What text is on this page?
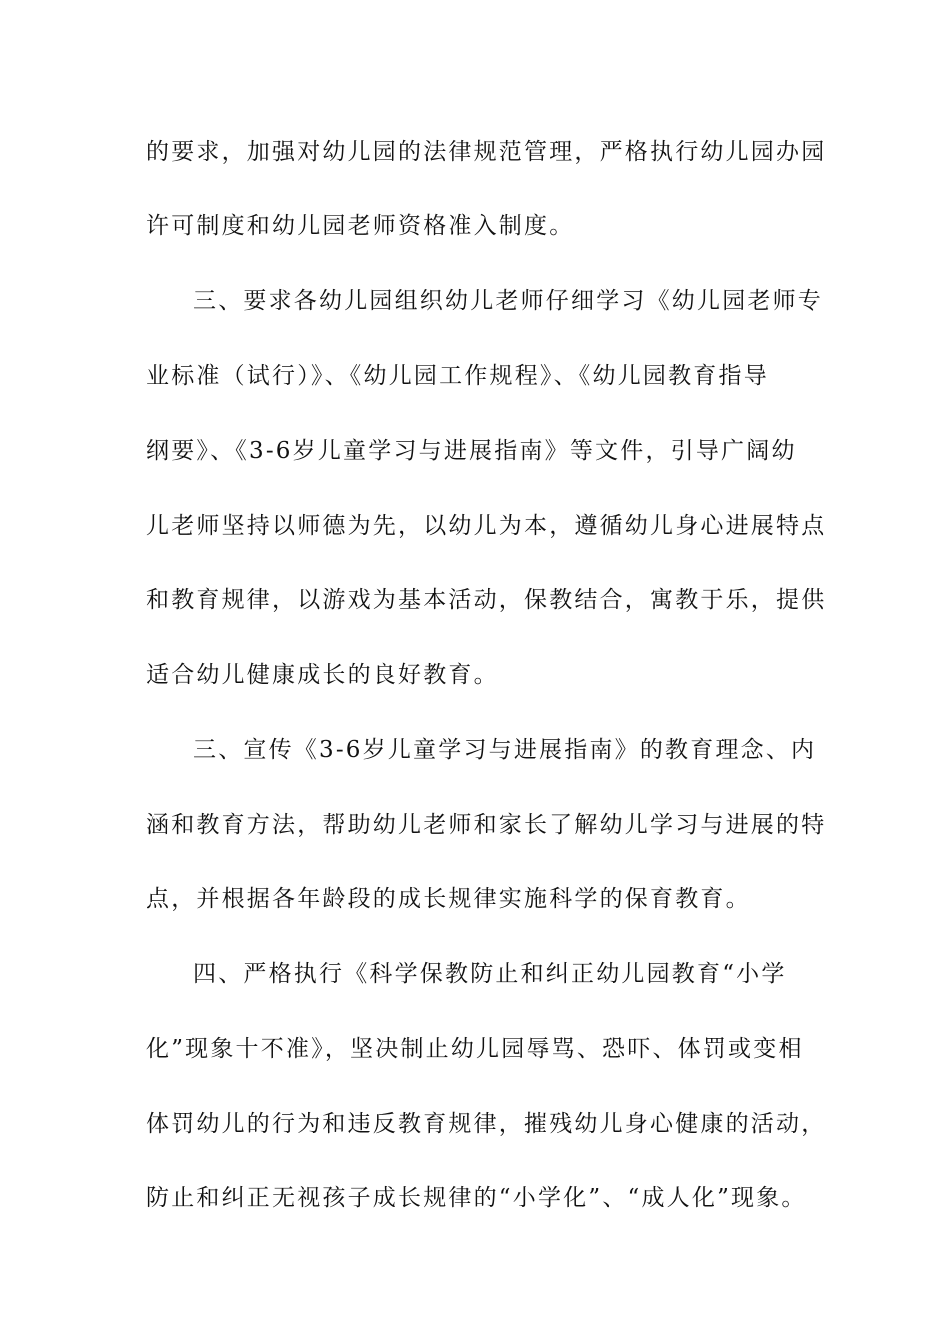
的要求，加强对幼儿园的法律规范管理，严格执行幼儿园办园
许可制度和幼儿园老师资格准入制度。
三、要求各幼儿园组织幼儿老师仔细学习《幼儿园老师专
业标准（试行）》、《幼儿园工作规程》、《幼儿园教育指导
纲要》、《3-6岁儿童学习与进展指南》等文件，引导广阔幼
儿老师坚持以师德为先，以幼儿为本，遵循幼儿身心进展特点
和教育规律，以游戏为基本活动，保教结合，寓教于乐，提供
适合幼儿健康成长的良好教育。
三、宣传《3-6岁儿童学习与进展指南》的教育理念、内
涵和教育方法，帮助幼儿老师和家长了解幼儿学习与进展的特
点，并根据各年龄段的成长规律实施科学的保育教育。
四、严格执行《科学保教防止和纠正幼儿园教育“小学
化”现象十不准》，坚决制止幼儿园辱骂、恐吓、体罚或变相
体罚幼儿的行为和违反教育规律，摧残幼儿身心健康的活动，
防止和纠正无视孩子成长规律的“小学化”、“成人化”现象。
